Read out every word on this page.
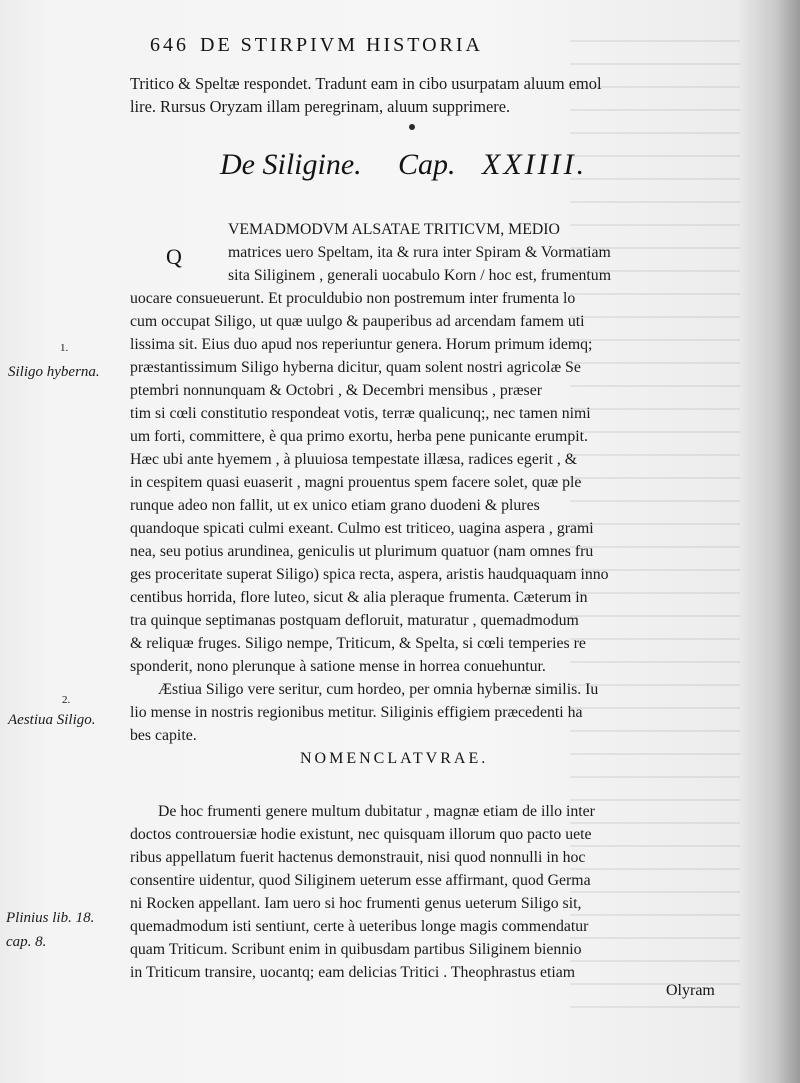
646 DE STIRPIVM HISTORIA
Tritico & Speltæ respondet. Tradunt eam in cibo usurpatam aluum emol
lire. Rursus Oryzam illam peregrinam, aluum supprimere.
De Siligine. Cap. XXIIII.
Q
VEMADMODVM ALSATAE TRITICVM, MEDIO
matrices uero Speltam, ita & rura inter Spiram & Vormatiam
sita Siliginem , generali uocabulo Korn / hoc est, frumentum
uocare consueuerunt. Et proculdubio non postremum inter frumenta lo
cum occupat Siligo, ut quæ uulgo & pauperibus ad arcendam famem uti
lissima sit. Eius duo apud nos reperiuntur genera. Horum primum idemq;
præstantissimum Siligo hyberna dicitur, quam solent nostri agricolæ Se
ptembri nonnunquam & Octobri , & Decembri mensibus , præser
tim si cœli constitutio respondeat votis, terræ qualicunq;, nec tamen nimi
um forti, committere, è qua primo exortu, herba pene punicante erumpit.
Hæc ubi ante hyemem , à pluuiosa tempestate illæsa, radices egerit , &
in cespitem quasi euaserit , magni prouentus spem facere solet, quæ ple
runque adeo non fallit, ut ex unico etiam grano duodeni & plures
quandoque spicati culmi exeant. Culmo est triticeo, uagina aspera , grami
nea, seu potius arundinea, geniculis ut plurimum quatuor (nam omnes fru
ges proceritate superat Siligo) spica recta, aspera, aristis haudquaquam inno
centibus horrida, flore luteo, sicut & alia pleraque frumenta. Cæterum in
tra quinque septimanas postquam defloruit, maturatur , quemadmodum
& reliquæ fruges. Siligo nempe, Triticum, & Spelta, si cœli temperies re
sponderit, nono plerunque à satione mense in horrea conuehuntur.
Æstiua Siligo vere seritur, cum hordeo, per omnia hybernæ similis. Iu
lio mense in nostris regionibus metitur. Siliginis effigiem præcedenti ha
bes capite.
NOMENCLATVRAE.
De hoc frumenti genere multum dubitatur , magnæ etiam de illo inter
doctos controuersiæ hodie existunt, nec quisquam illorum quo pacto uete
ribus appellatum fuerit hactenus demonstrauit, nisi quod nonnulli in hoc
consentire uidentur, quod Siliginem ueterum esse affirmant, quod Germa
ni Rocken appellant. Iam uero si hoc frumenti genus ueterum Siligo sit,
quemadmodum isti sentiunt, certe à ueteribus longe magis commendatur
quam Triticum. Scribunt enim in quibusdam partibus Siliginem biennio
in Triticum transire, uocantq; eam delicias Tritici . Theophrastus etiam
Olyram
1.
Siligo hyberna.
2.
Aestiua Siligo.
Plinius lib. 18.
cap. 8.
